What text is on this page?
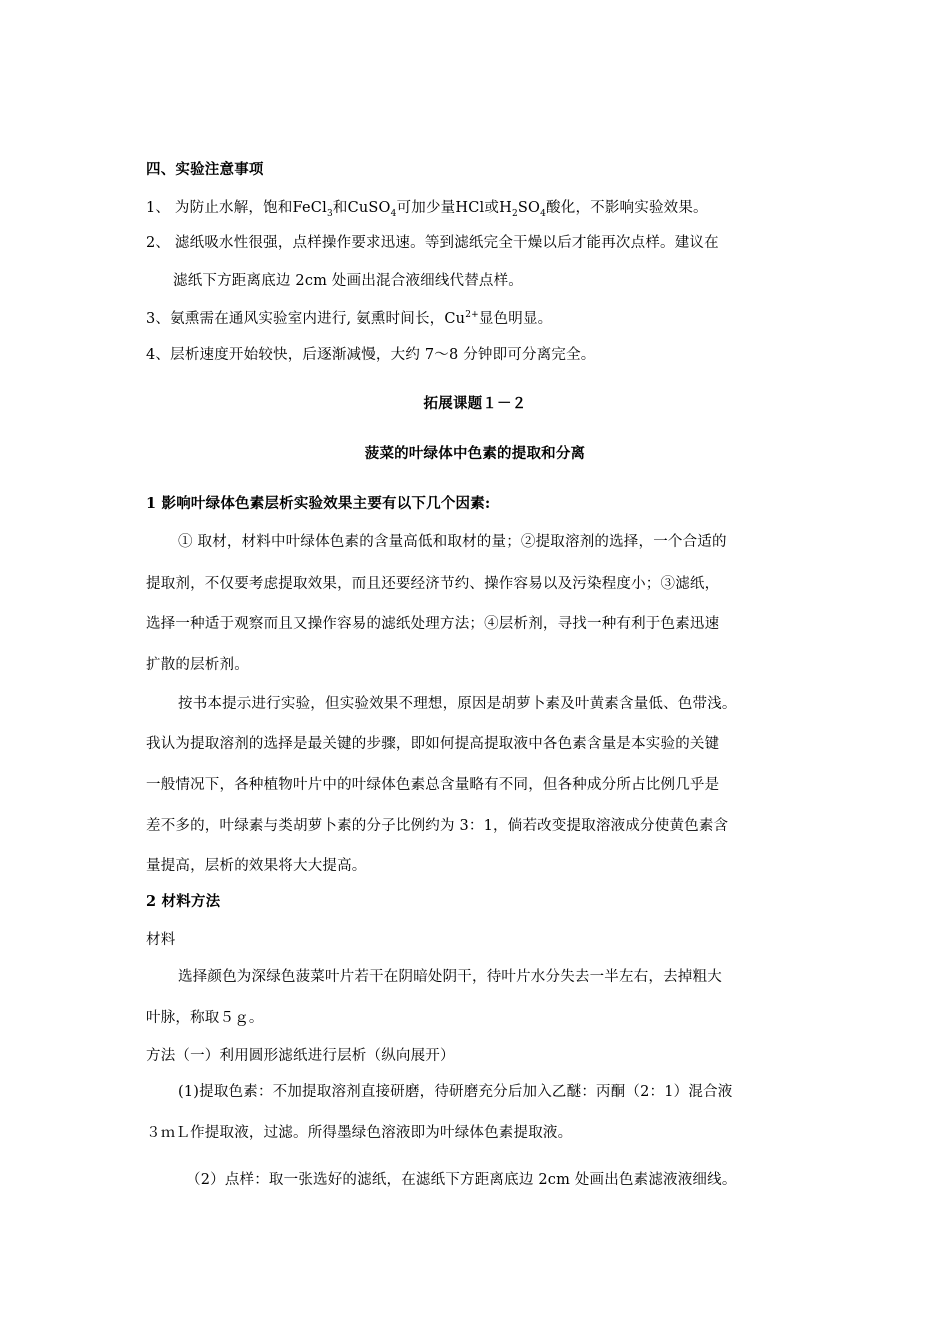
四、实验注意事项
1、 为防止水解，饱和FeCl$_3$和CuSO$_4$可加少量HCl或$H_2SO_4$酸化，不影响实验效果。
2、 滤纸吸水性很强，点样操作要求迅速。等到滤纸完全干燥以后才能再次点样。建议在
滤纸下方距离底边 2cm 处画出混合液细线代替点样。
3、氨熏需在通风实验室内进行, 氨熏时间长，$Cu^{2+}$显色明显。
4、层析速度开始较快，后逐渐减慢，大约 7～8 分钟即可分离完全。
拓展课题１－２
菠菜的叶绿体中色素的提取和分离
1 影响叶绿体色素层析实验效果主要有以下几个因素:
① 取材，材料中叶绿体色素的含量高低和取材的量；②提取溶剂的选择，一个合适的
提取剂，不仅要考虑提取效果，而且还要经济节约、操作容易以及污染程度小；③滤纸，
选择一种适于观察而且又操作容易的滤纸处理方法；④层析剂，寻找一种有利于色素迅速
扩散的层析剂。
按书本提示进行实验，但实验效果不理想，原因是胡萝卜素及叶黄素含量低、色带浅。
我认为提取溶剂的选择是最关键的步骤，即如何提高提取液中各色素含量是本实验的关键
一般情况下，各种植物叶片中的叶绿体色素总含量略有不同，但各种成分所占比例几乎是
差不多的，叶绿素与类胡萝卜素的分子比例约为 3：1，倘若改变提取溶液成分使黄色素含
量提高，层析的效果将大大提高。
2 材料方法
材料
选择颜色为深绿色菠菜叶片若干在阴暗处阴干，待叶片水分失去一半左右，去掉粗大
叶脉，称取５ｇ。
方法（一）利用圆形滤纸进行层析（纵向展开）
(1)提取色素：不加提取溶剂直接研磨，待研磨充分后加入乙醚：丙酮（2：1）混合液
３ｍＬ作提取液，过滤。所得墨绿色溶液即为叶绿体色素提取液。
（2）点样：取一张选好的滤纸，在滤纸下方距离底边 2cm 处画出色素滤液液细线。
